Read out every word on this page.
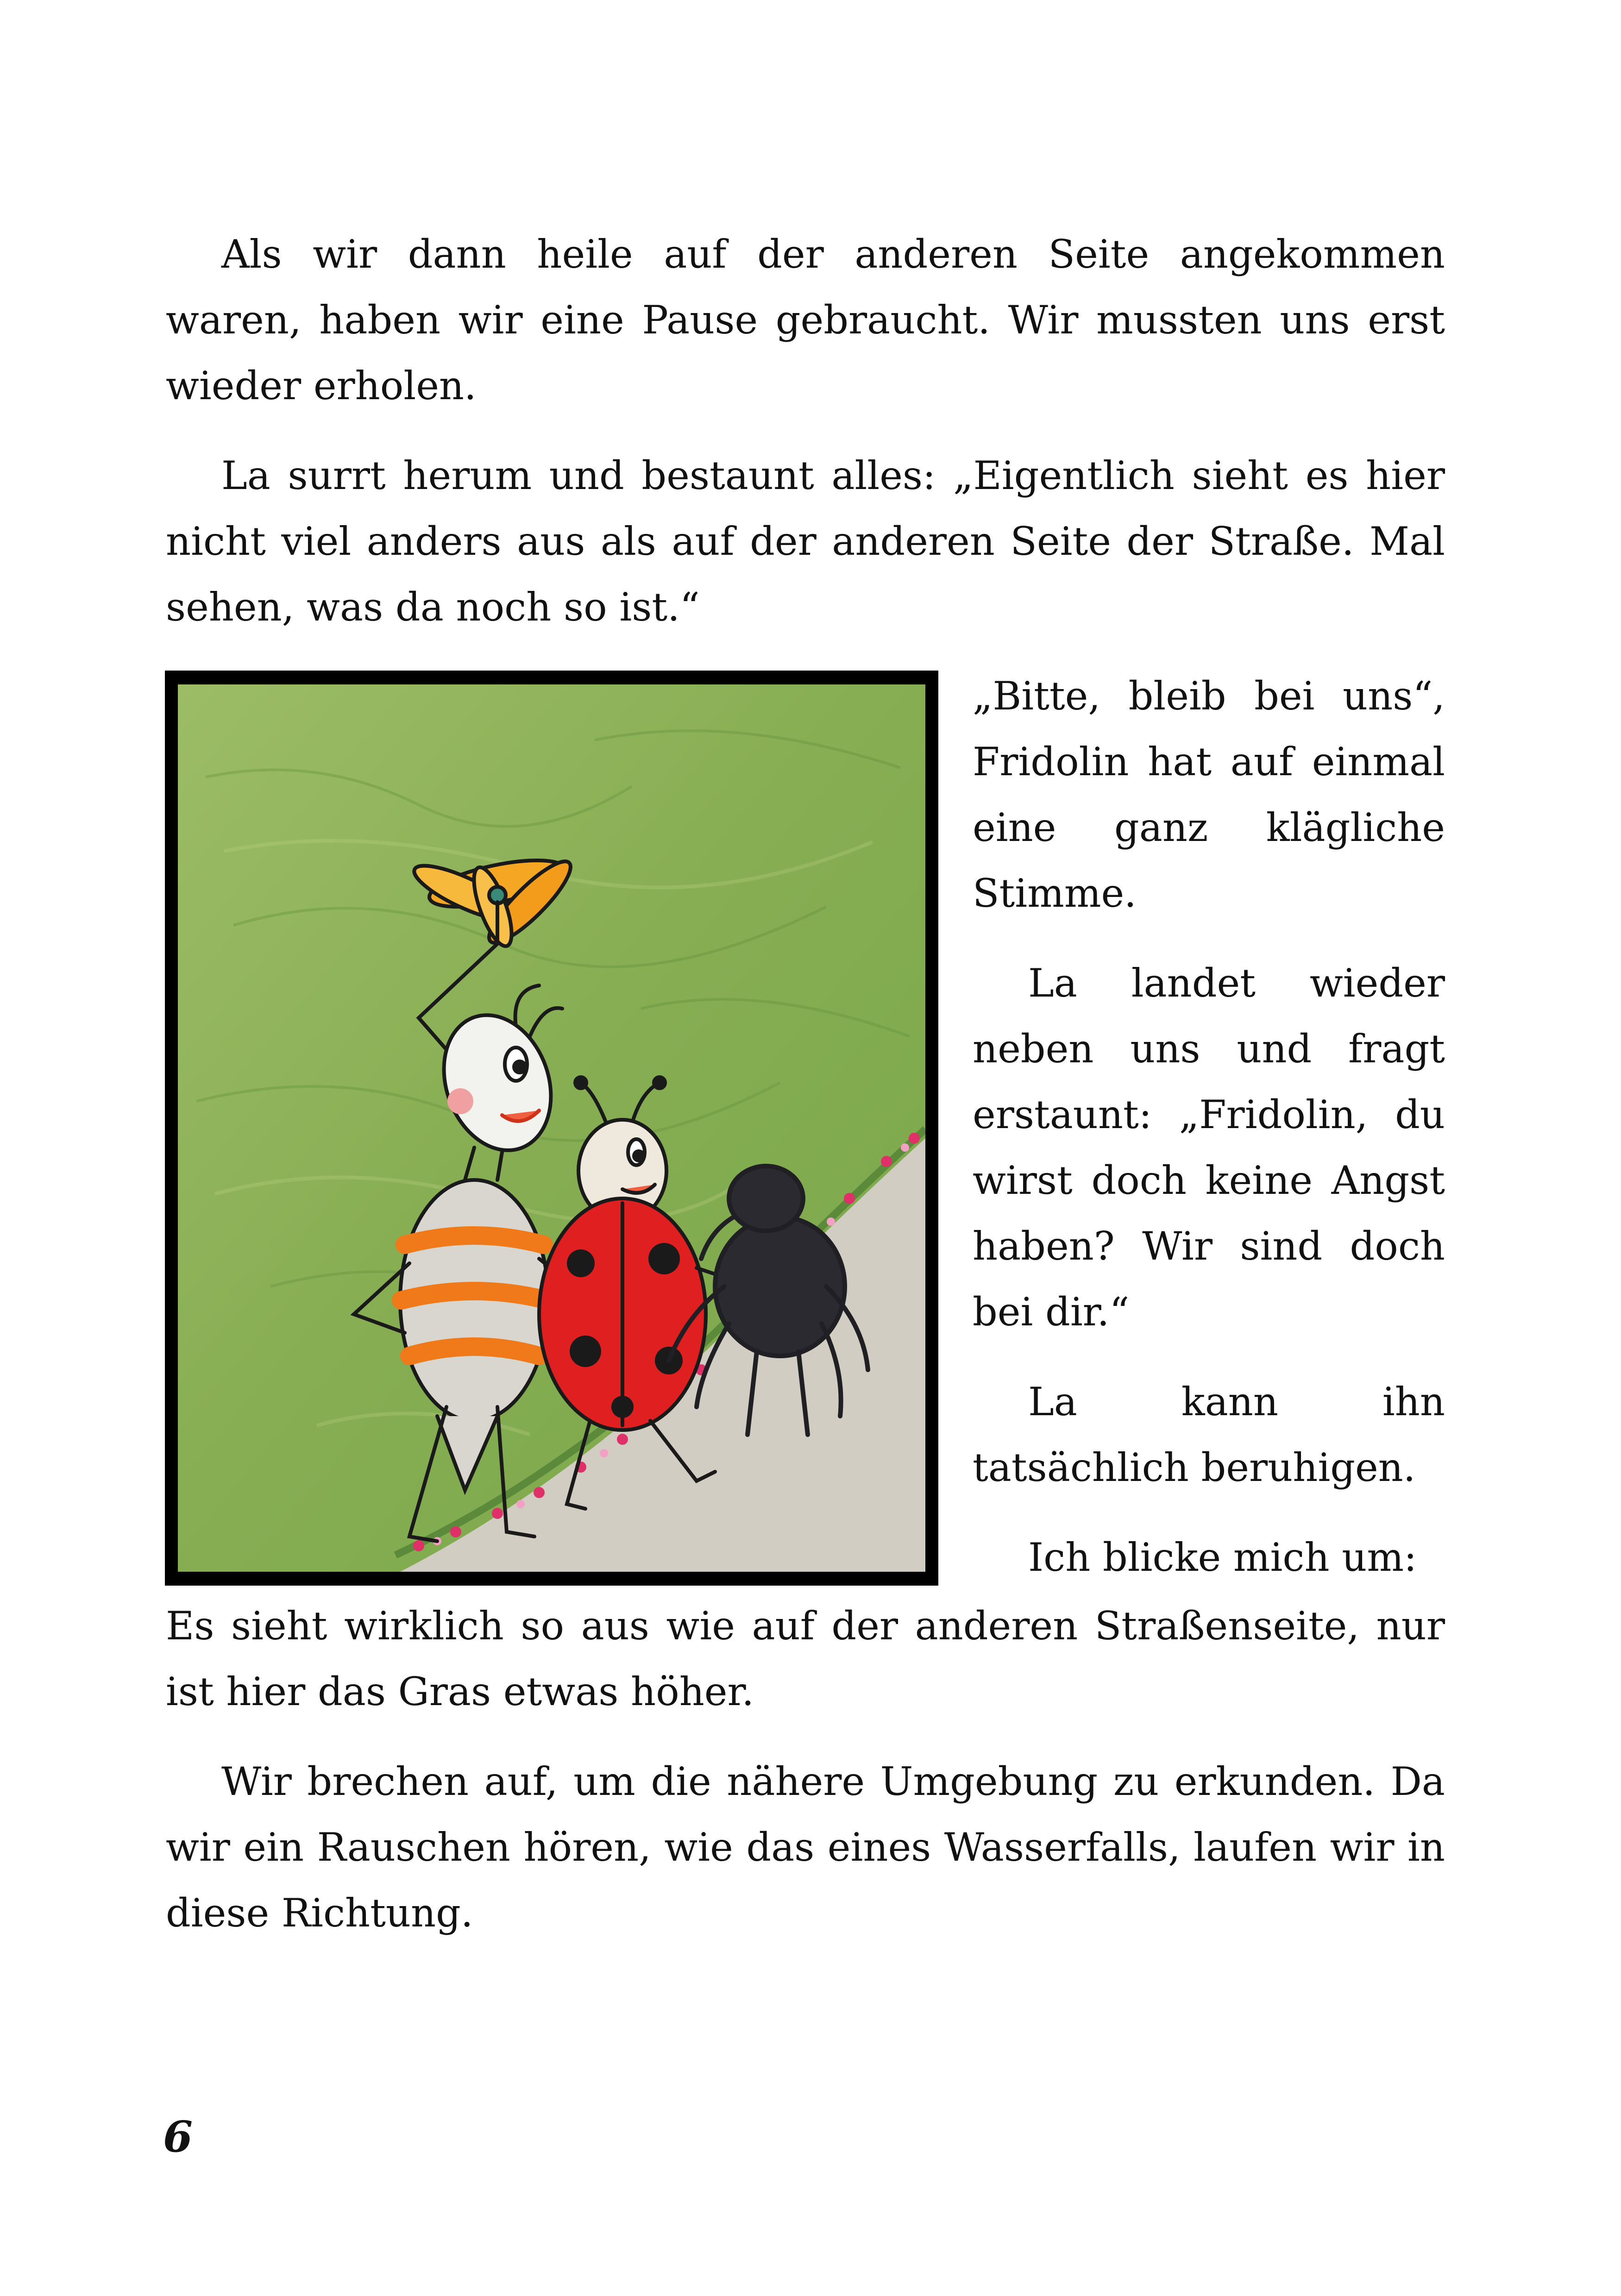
Als wir dann heile auf der anderen Seite angekommen waren, haben wir eine Pause gebraucht. Wir mussten uns erst wieder erholen.

La surrt herum und bestaunt alles: „Eigentlich sieht es hier nicht viel anders aus als auf der anderen Seite der Straße. Mal sehen, was da noch so ist.“

„Bitte, bleib bei uns“, Fridolin hat auf einmal eine ganz klägliche Stimme.

La landet wieder neben uns und fragt erstaunt: „Fridolin, du wirst doch keine Angst haben? Wir sind doch bei dir.“

La kann ihn tatsächlich beruhigen.

Ich blicke mich um:

Es sieht wirklich so aus wie auf der anderen Straßenseite, nur ist hier das Gras etwas höher.

Wir brechen auf, um die nähere Umgebung zu erkunden. Da wir ein Rauschen hören, wie das eines Wasserfalls, laufen wir in diese Richtung.

6
